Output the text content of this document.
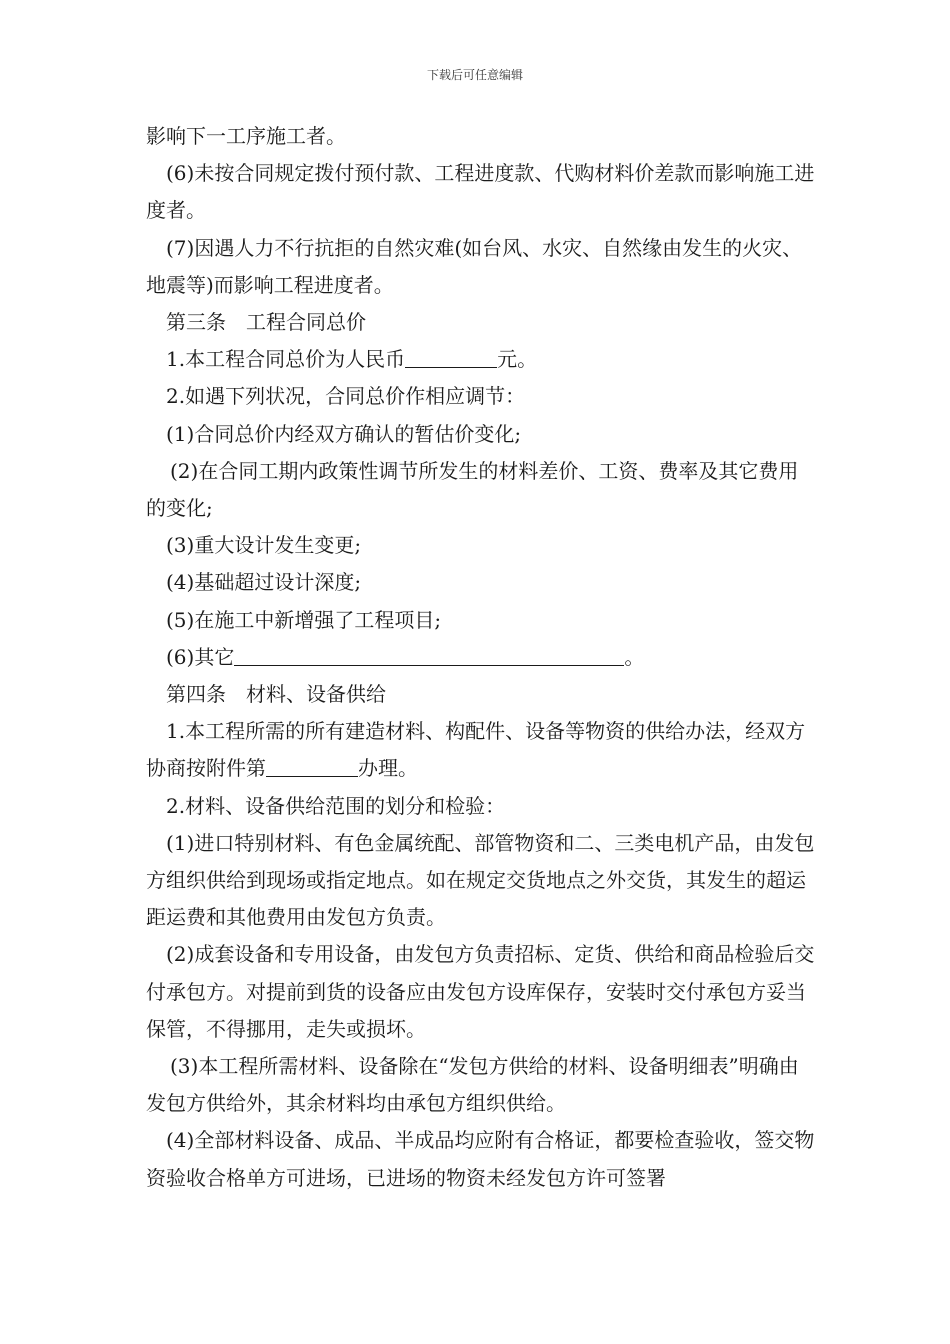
下载后可任意编辑

影响下一工序施工者。

(6)未按合同规定拨付预付款、工程进度款、代购材料价差款而影响施工进度者。

(7)因遇人力不行抗拒的自然灾难(如台风、水灾、自然缘由发生的火灾、地震等)而影响工程进度者。

第三条　工程合同总价

1.本工程合同总价为人民币	元。

2.如遇下列状况，合同总价作相应调节：

(1)合同总价内经双方确认的暂估价变化;

(2)在合同工期内政策性调节所发生的材料差价、工资、费率及其它费用的变化;

(3)重大设计发生变更;

(4)基础超过设计深度;

(5)在施工中新增强了工程项目;

(6)其它	。

第四条　材料、设备供给

1.本工程所需的所有建造材料、构配件、设备等物资的供给办法，经双方协商按附件第	办理。

2.材料、设备供给范围的划分和检验：

(1)进口特别材料、有色金属统配、部管物资和二、三类电机产品，由发包方组织供给到现场或指定地点。如在规定交货地点之外交货，其发生的超运距运费和其他费用由发包方负责。

(2)成套设备和专用设备，由发包方负责招标、定货、供给和商品检验后交付承包方。对提前到货的设备应由发包方设库保存，安装时交付承包方妥当保管，不得挪用，走失或损坏。

(3)本工程所需材料、设备除在“发包方供给的材料、设备明细表”明确由发包方供给外，其余材料均由承包方组织供给。

(4)全部材料设备、成品、半成品均应附有合格证，都要检查验收，签交物资验收合格单方可进场，已进场的物资未经发包方许可签署
